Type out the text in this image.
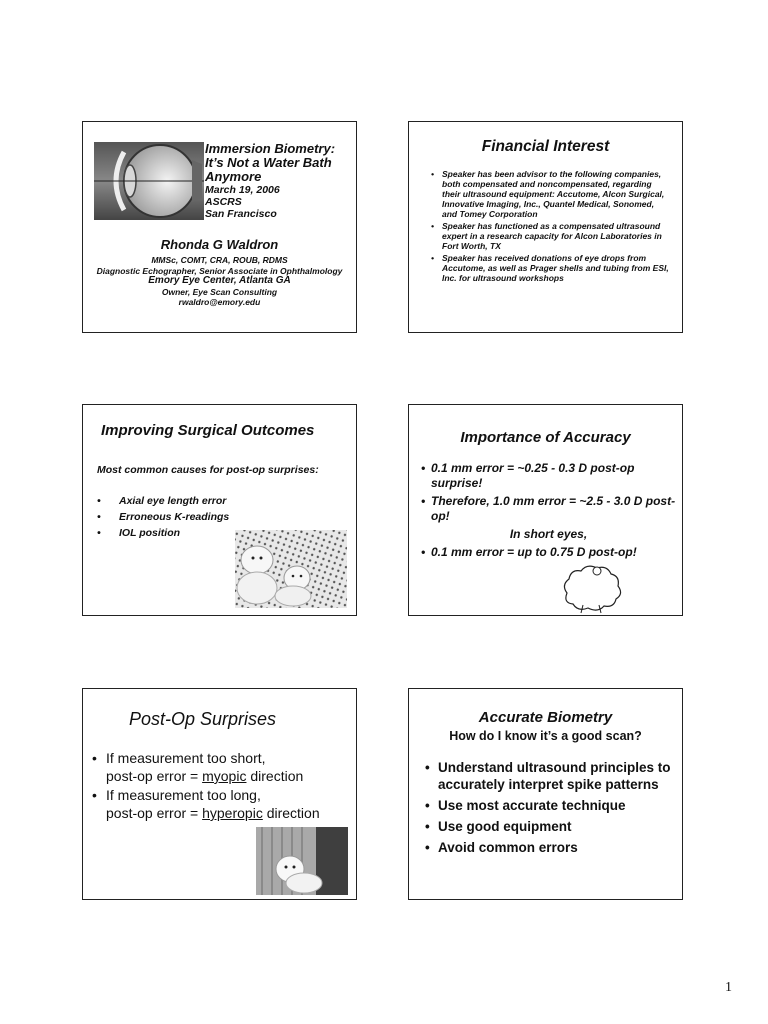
Immersion Biometry:
It’s Not a Water Bath
Anymore
March 19, 2006
ASCRS
San Francisco
Rhonda G Waldron
MMSc, COMT, CRA, ROUB, RDMS
Diagnostic Echographer, Senior Associate in Ophthalmology
Emory Eye Center, Atlanta GA
Owner, Eye Scan Consulting
rwaldro@emory.edu
Financial Interest
• Speaker has been advisor to the following companies, both compensated and noncompensated, regarding their ultrasound equipment: Accutome, Alcon Surgical, Innovative Imaging, Inc., Quantel Medical, Sonomed, and Tomey Corporation
• Speaker has functioned as a compensated ultrasound expert in a research capacity for Alcon Laboratories in Fort Worth, TX
• Speaker has received donations of eye drops from Accutome, as well as Prager shells and tubing from ESI, Inc. for ultrasound workshops
Improving Surgical Outcomes
Most common causes for post-op surprises:
• Axial eye length error
• Erroneous K-readings
• IOL position
Importance of Accuracy
• 0.1 mm error = ~0.25 - 0.3 D post-op surprise!
• Therefore, 1.0 mm error = ~2.5 - 3.0 D post-op!
In short eyes,
• 0.1 mm error = up to 0.75 D post-op!
Post-Op Surprises
• If measurement too short,
post-op error = myopic direction
• If measurement too long,
post-op error = hyperopic direction
Accurate Biometry
How do I know it’s a good scan?
• Understand ultrasound principles to accurately interpret spike patterns
• Use most accurate technique
• Use good equipment
• Avoid common errors
1
